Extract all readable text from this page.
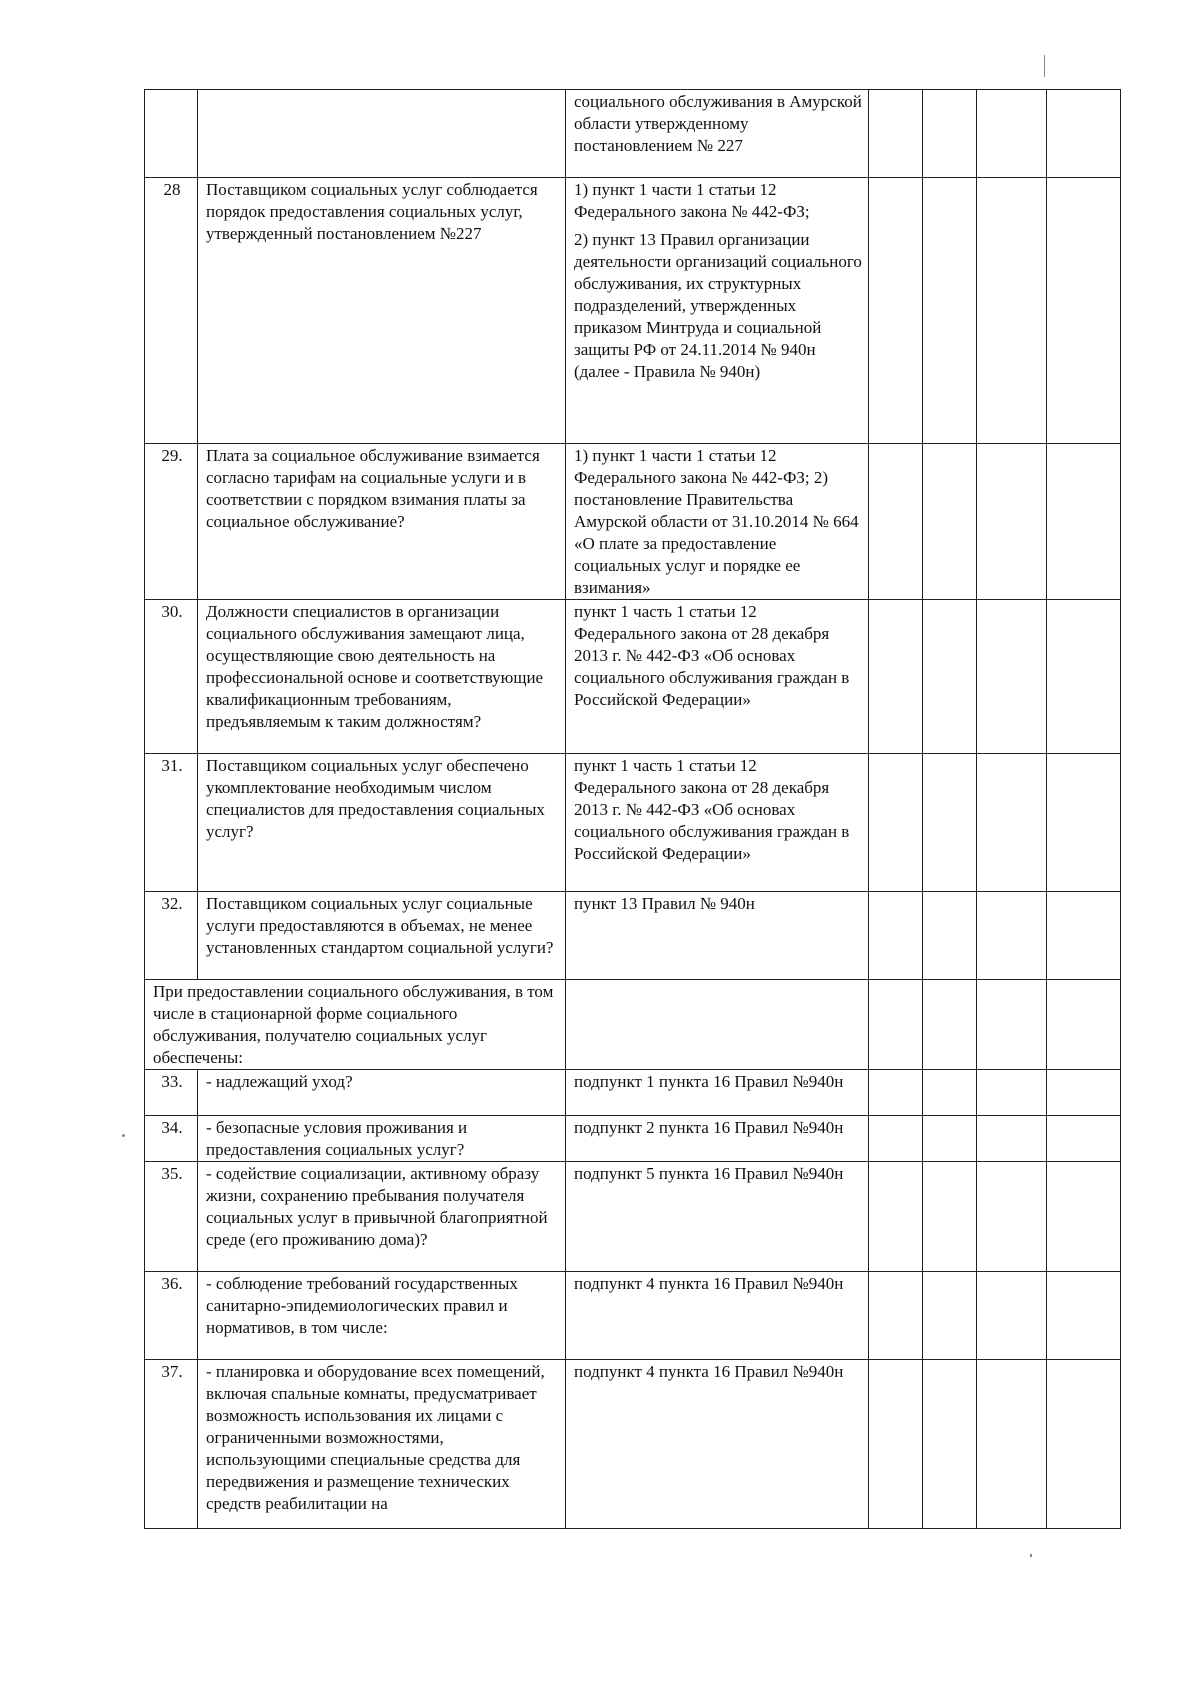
		социального обслуживания в Амурской области утвержденному постановлением № 227				

28	Поставщиком социальных услуг соблюдается порядок предоставления социальных услуг, утвержденный постановлением №227	1) пункт 1 части 1 статьи 12 Федерального закона № 442-ФЗ;
2) пункт 13 Правил организации деятельности организаций социального обслуживания, их структурных подразделений, утвержденных приказом Минтруда и социальной защиты РФ от 24.11.2014 № 940н (далее - Правила № 940н)				

29.	Плата за социальное обслуживание взимается согласно тарифам на социальные услуги и в соответствии с порядком взимания платы за социальное обслуживание?	1) пункт 1 части 1 статьи 12 Федерального закона № 442-ФЗ; 2) постановление Правительства Амурской области от 31.10.2014 № 664 «О плате за предоставление социальных услуг и порядке ее взимания»				

30.	Должности специалистов в организации социального обслуживания замещают лица, осуществляющие свою деятельность на профессиональной основе и соответствующие квалификационным требованиям, предъявляемым к таким должностям?	пункт 1 часть 1 статьи 12 Федерального закона от 28 декабря 2013 г. № 442-ФЗ «Об основах социального обслуживания граждан в Российской Федерации»				

31.	Поставщиком социальных услуг обеспечено укомплектование необходимым числом специалистов для предоставления социальных услуг?	пункт 1 часть 1 статьи 12 Федерального закона от 28 декабря 2013 г. № 442-ФЗ «Об основах социального обслуживания граждан в Российской Федерации»				

32.	Поставщиком социальных услуг социальные услуги предоставляются в объемах, не менее установленных стандартом социальной услуги?	пункт 13 Правил № 940н				

При предоставлении социального обслуживания, в том числе в стационарной форме социального обслуживания, получателю социальных услуг обеспечены:						
33.	- надлежащий уход?	подпункт 1 пункта 16 Правил №940н				

34.	- безопасные условия проживания и предоставления социальных услуг?	подпункт 2 пункта 16 Правил №940н				

35.	- содействие социализации, активному образу жизни, сохранению пребывания получателя социальных услуг в привычной благоприятной среде (его проживанию дома)?	подпункт 5 пункта 16 Правил №940н				

36.	- соблюдение требований государственных санитарно-эпидемиологических правил и нормативов, в том числе:	подпункт 4 пункта 16 Правил №940н				

37.	- планировка и оборудование всех помещений, включая спальные комнаты, предусматривает возможность использования их лицами с ограниченными возможностями, использующими специальные средства для передвижения и размещение технических средств реабилитации на	подпункт 4 пункта 16 Правил №940н				
